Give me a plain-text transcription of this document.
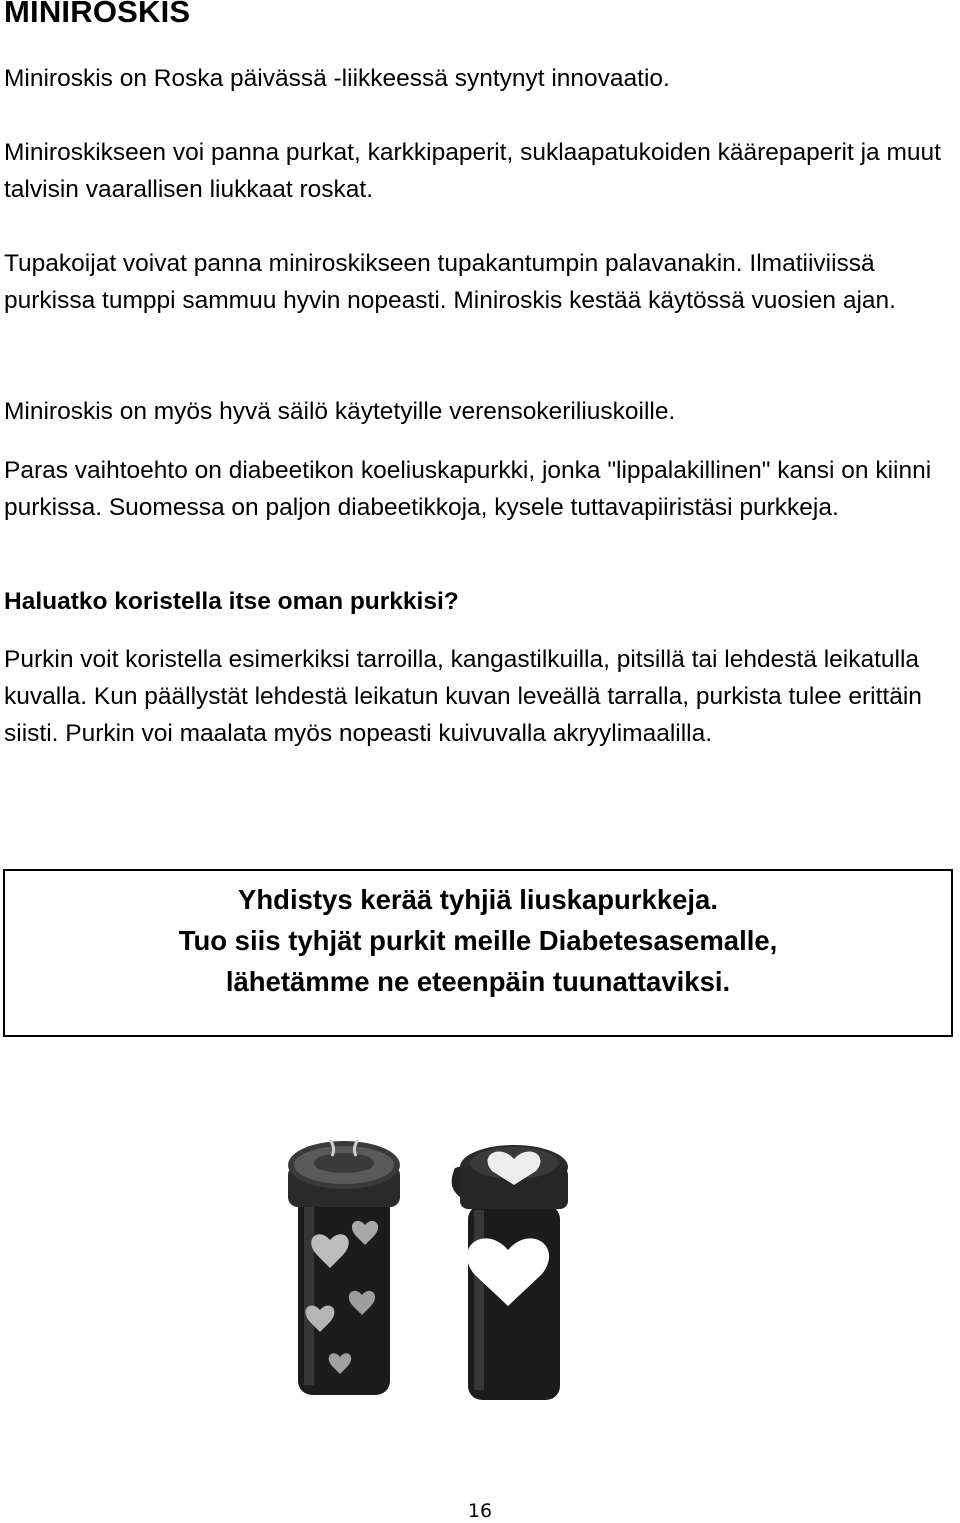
MINIROSKIS

Miniroskis on Roska päivässä -liikkeessä syntynyt innovaatio.

Miniroskikseen voi panna purkat, karkkipaperit, suklaapatukoiden käärepaperit ja muut talvisin vaarallisen liukkaat roskat.

Tupakoijat voivat panna miniroskikseen tupakantumpin palavanakin. Ilmatiiviissä purkissa tumppi sammuu hyvin nopeasti. Miniroskis kestää käytössä vuosien ajan.

Miniroskis on myös hyvä säilö käytetyille verensokeriliuskoille.

Paras vaihtoehto on diabeetikon koeliuskapurkki, jonka "lippalakillinen" kansi on kiinni purkissa. Suomessa on paljon diabeetikkoja, kysele tuttavapiiristäsi purkkeja.

Haluatko koristella itse oman purkkisi?

Purkin voit koristella esimerkiksi tarroilla, kangastilkuilla, pitsillä tai lehdestä leikatulla kuvalla. Kun päällystät lehdestä leikatun kuvan leveällä tarralla, purkista tulee erittäin siisti. Purkin voi maalata myös nopeasti kuivuvalla akryylimaalilla.

Yhdistys kerää tyhjiä liuskapurkkeja.
Tuo siis tyhjät purkit meille Diabetesasemalle,
lähetämme ne eteenpäin tuunattaviksi.
16
